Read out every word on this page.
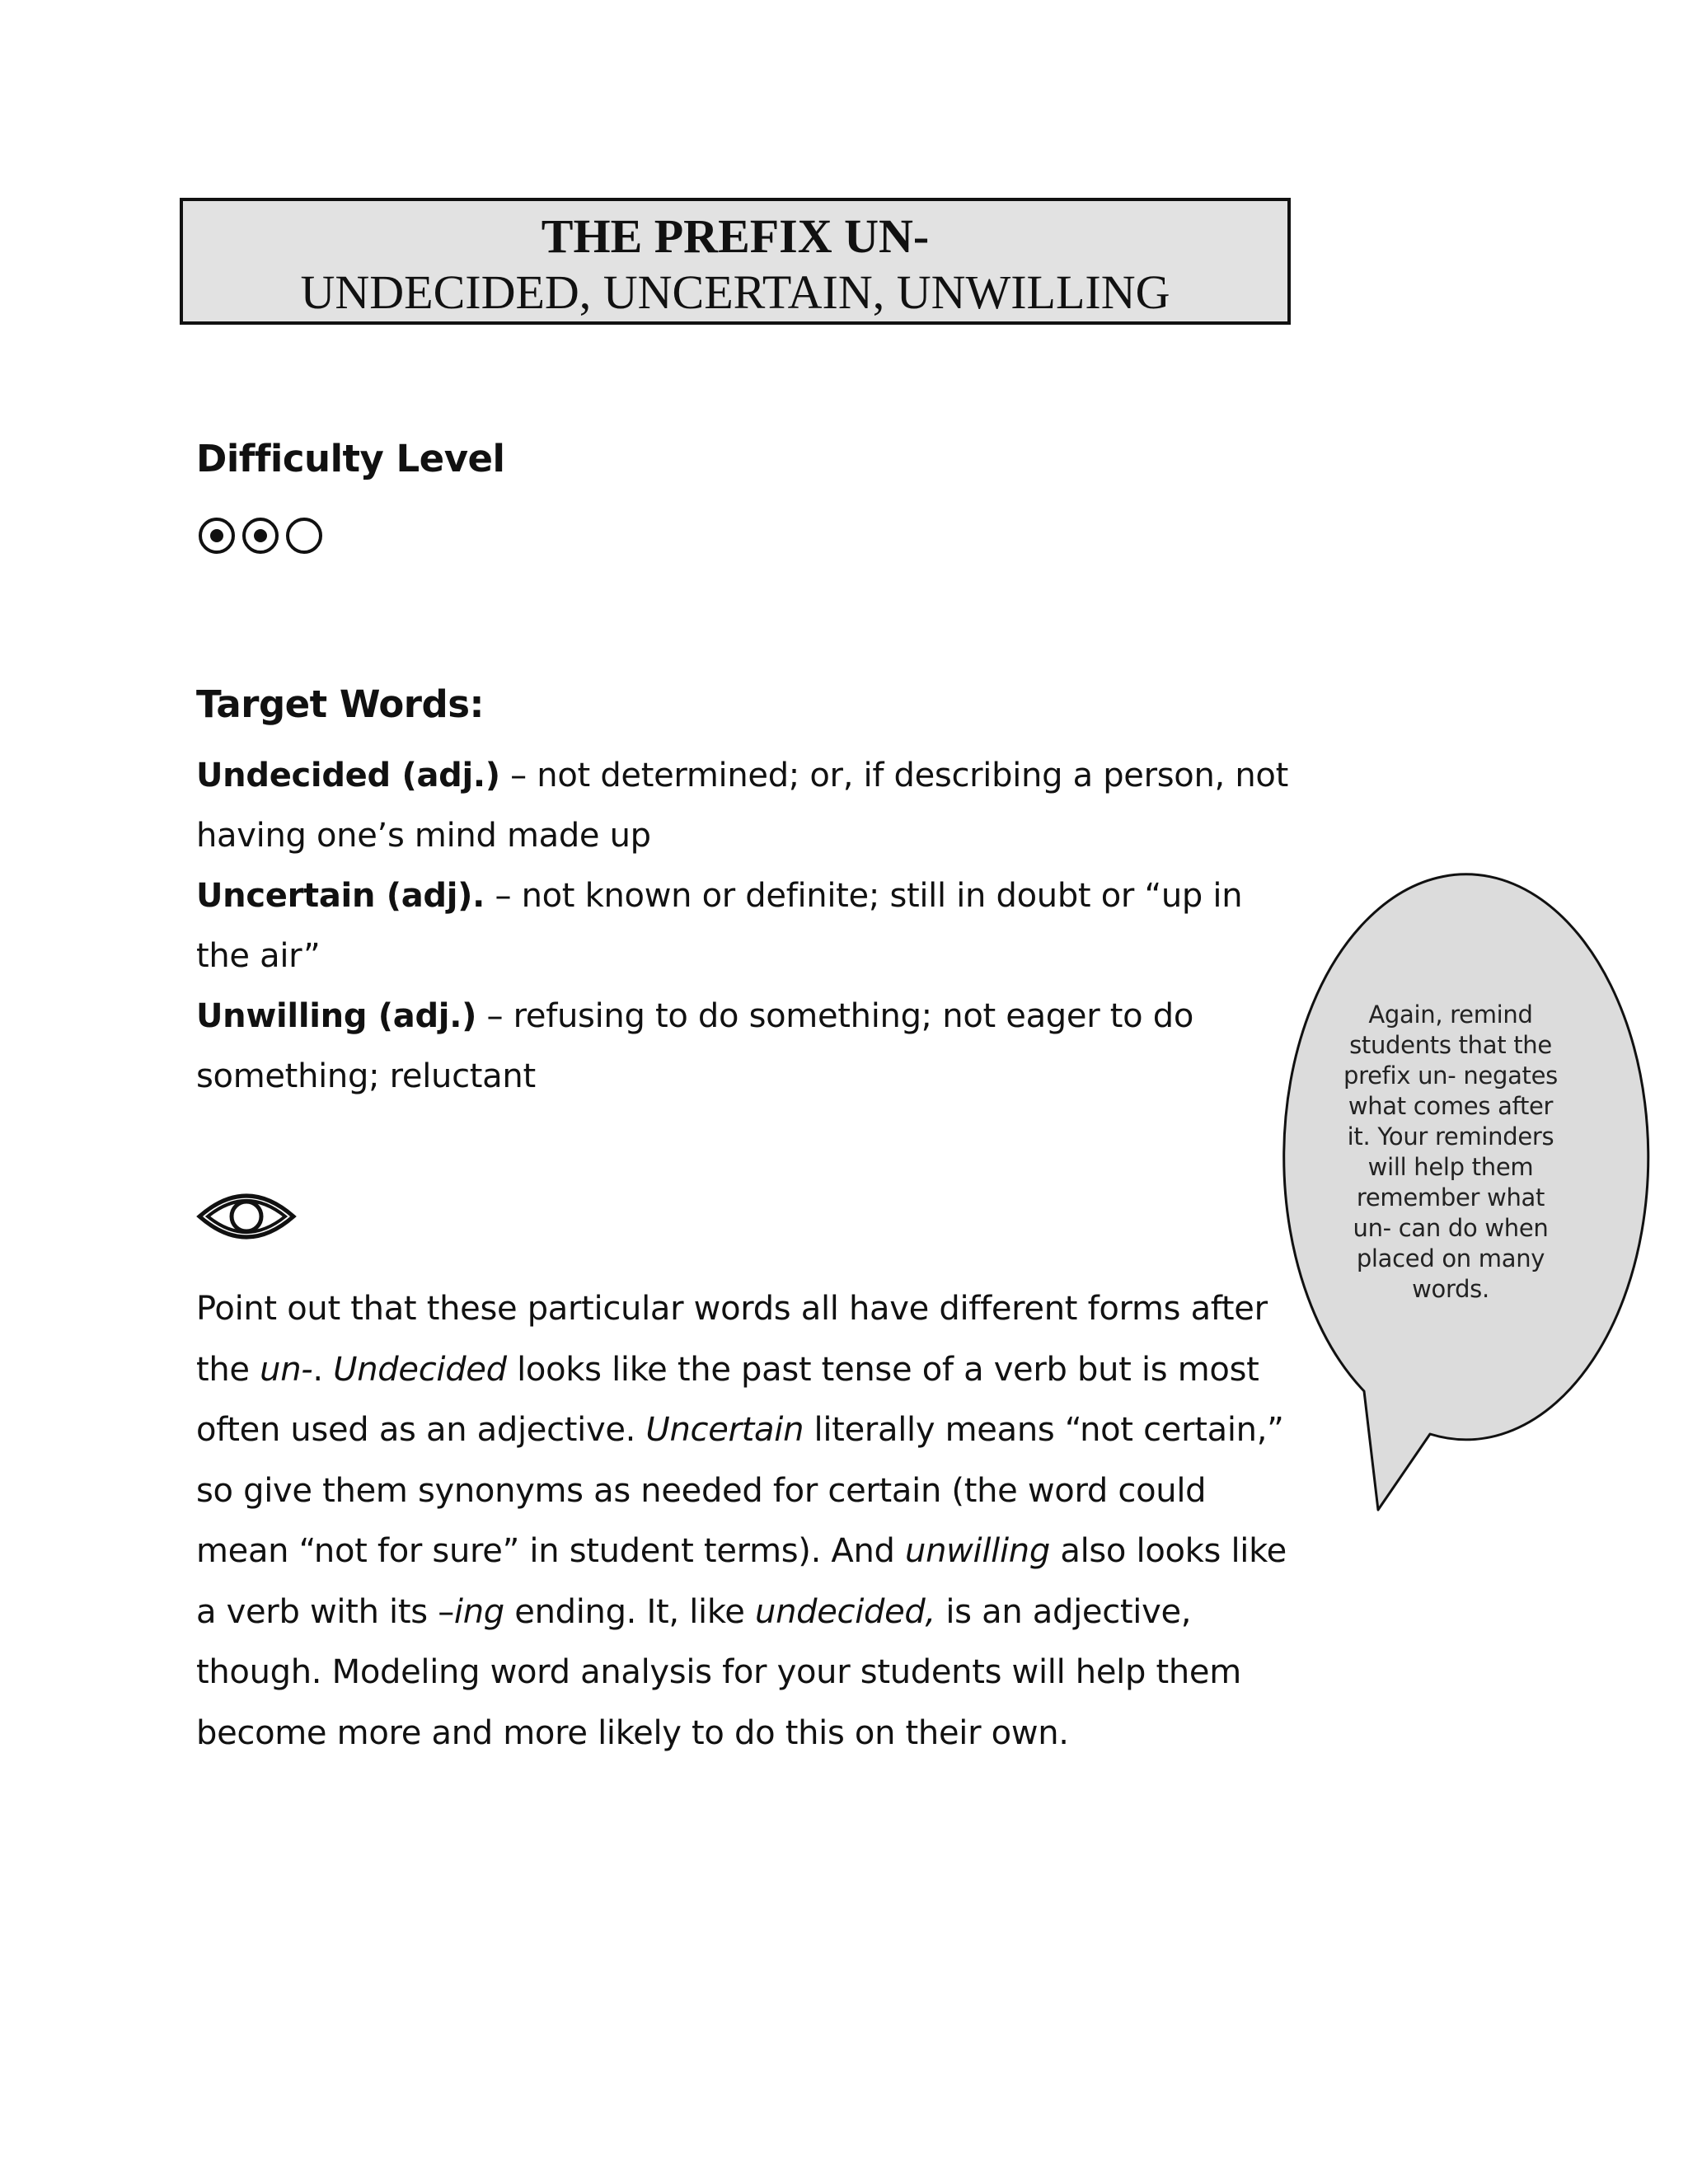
THE PREFIX UN-
UNDECIDED, UNCERTAIN, UNWILLING
Difficulty Level
Target Words:

Undecided (adj.) – not determined; or, if describing a person, not having one’s mind made up

Uncertain (adj). – not known or definite; still in doubt or “up in the air”

Unwilling (adj.) – refusing to do something; not eager to do something; reluctant

Point out that these particular words all have different forms after the un-. Undecided looks like the past tense of a verb but is most often used as an adjective. Uncertain literally means “not certain,” so give them synonyms as needed for certain (the word could mean “not for sure” in student terms). And unwilling also looks like a verb with its –ing ending. It, like undecided, is an adjective, though. Modeling word analysis for your students will help them become more and more likely to do this on their own.

Again, remind students that the prefix un- negates what comes after it. Your reminders will help them remember what un- can do when placed on many words.
